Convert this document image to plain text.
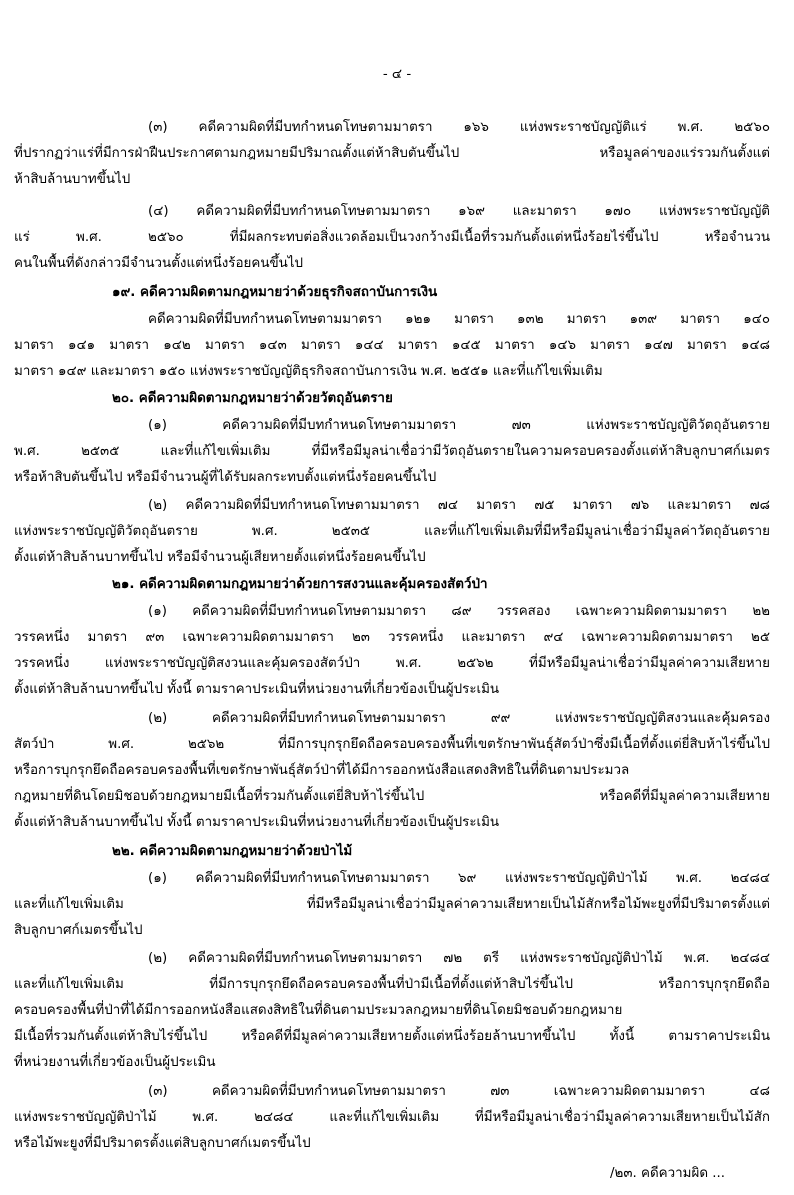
- ๔ -
(๓) คดีความผิดที่มีบทกำหนดโทษตามมาตรา ๑๖๖ แห่งพระราชบัญญัติแร่ พ.ศ. ๒๕๖๐
ที่ปรากฏว่าแร่ที่มีการฝ่าฝืนประกาศตามกฎหมายมีปริมาณตั้งแต่ห้าสิบตันขึ้นไป หรือมูลค่าของแร่รวมกันตั้งแต่
ห้าสิบล้านบาทขึ้นไป
(๔) คดีความผิดที่มีบทกำหนดโทษตามมาตรา ๑๖๙ และมาตรา ๑๗๐ แห่งพระราชบัญญัติ
แร่ พ.ศ. ๒๕๖๐ ที่มีผลกระทบต่อสิ่งแวดล้อมเป็นวงกว้างมีเนื้อที่รวมกันตั้งแต่หนึ่งร้อยไร่ขึ้นไป หรือจำนวน
คนในพื้นที่ดังกล่าวมีจำนวนตั้งแต่หนึ่งร้อยคนขึ้นไป
๑๙. คดีความผิดตามกฎหมายว่าด้วยธุรกิจสถาบันการเงิน
คดีความผิดที่มีบทกำหนดโทษตามมาตรา ๑๒๑ มาตรา ๑๓๒ มาตรา ๑๓๙ มาตรา ๑๔๐
มาตรา ๑๔๑ มาตรา ๑๔๒ มาตรา ๑๔๓ มาตรา ๑๔๔ มาตรา ๑๔๕ มาตรา ๑๔๖ มาตรา ๑๔๗ มาตรา ๑๔๘
มาตรา ๑๔๙ และมาตรา ๑๕๐ แห่งพระราชบัญญัติธุรกิจสถาบันการเงิน พ.ศ. ๒๕๕๑ และที่แก้ไขเพิ่มเติม
๒๐. คดีความผิดตามกฎหมายว่าด้วยวัตถุอันตราย
(๑) คดีความผิดที่มีบทกำหนดโทษตามมาตรา ๗๓ แห่งพระราชบัญญัติวัตถุอันตราย
พ.ศ. ๒๕๓๕ และที่แก้ไขเพิ่มเติม ที่มีหรือมีมูลน่าเชื่อว่ามีวัตถุอันตรายในความครอบครองตั้งแต่ห้าสิบลูกบาศก์เมตร
หรือห้าสิบตันขึ้นไป หรือมีจำนวนผู้ที่ได้รับผลกระทบตั้งแต่หนึ่งร้อยคนขึ้นไป
(๒) คดีความผิดที่มีบทกำหนดโทษตามมาตรา ๗๔ มาตรา ๗๕ มาตรา ๗๖ และมาตรา ๗๘
แห่งพระราชบัญญัติวัตถุอันตราย พ.ศ. ๒๕๓๕ และที่แก้ไขเพิ่มเติมที่มีหรือมีมูลน่าเชื่อว่ามีมูลค่าวัตถุอันตราย
ตั้งแต่ห้าสิบล้านบาทขึ้นไป หรือมีจำนวนผู้เสียหายตั้งแต่หนึ่งร้อยคนขึ้นไป
๒๑. คดีความผิดตามกฎหมายว่าด้วยการสงวนและคุ้มครองสัตว์ป่า
(๑) คดีความผิดที่มีบทกำหนดโทษตามมาตรา ๘๙ วรรคสอง เฉพาะความผิดตามมาตรา ๒๒
วรรคหนึ่ง มาตรา ๙๓ เฉพาะความผิดตามมาตรา ๒๓ วรรคหนึ่ง และมาตรา ๙๔ เฉพาะความผิดตามมาตรา ๒๕
วรรคหนึ่ง แห่งพระราชบัญญัติสงวนและคุ้มครองสัตว์ป่า พ.ศ. ๒๕๖๒ ที่มีหรือมีมูลน่าเชื่อว่ามีมูลค่าความเสียหาย
ตั้งแต่ห้าสิบล้านบาทขึ้นไป ทั้งนี้ ตามราคาประเมินที่หน่วยงานที่เกี่ยวข้องเป็นผู้ประเมิน
(๒) คดีความผิดที่มีบทกำหนดโทษตามมาตรา ๙๙ แห่งพระราชบัญญัติสงวนและคุ้มครอง
สัตว์ป่า พ.ศ. ๒๕๖๒ ที่มีการบุกรุกยึดถือครอบครองพื้นที่เขตรักษาพันธุ์สัตว์ป่าซึ่งมีเนื้อที่ตั้งแต่ยี่สิบห้าไร่ขึ้นไป
หรือการบุกรุกยึดถือครอบครองพื้นที่เขตรักษาพันธุ์สัตว์ป่าที่ได้มีการออกหนังสือแสดงสิทธิในที่ดินตามประมวล
กฎหมายที่ดินโดยมิชอบด้วยกฎหมายมีเนื้อที่รวมกันตั้งแต่ยี่สิบห้าไร่ขึ้นไป หรือคดีที่มีมูลค่าความเสียหาย
ตั้งแต่ห้าสิบล้านบาทขึ้นไป ทั้งนี้ ตามราคาประเมินที่หน่วยงานที่เกี่ยวข้องเป็นผู้ประเมิน
๒๒. คดีความผิดตามกฎหมายว่าด้วยป่าไม้
(๑) คดีความผิดที่มีบทกำหนดโทษตามมาตรา ๖๙ แห่งพระราชบัญญัติป่าไม้ พ.ศ. ๒๔๘๔
และที่แก้ไขเพิ่มเติม ที่มีหรือมีมูลน่าเชื่อว่ามีมูลค่าความเสียหายเป็นไม้สักหรือไม้พะยูงที่มีปริมาตรตั้งแต่
สิบลูกบาศก์เมตรขึ้นไป
(๒) คดีความผิดที่มีบทกำหนดโทษตามมาตรา ๗๒ ตรี แห่งพระราชบัญญัติป่าไม้ พ.ศ. ๒๔๘๔
และที่แก้ไขเพิ่มเติม ที่มีการบุกรุกยึดถือครอบครองพื้นที่ป่ามีเนื้อที่ตั้งแต่ห้าสิบไร่ขึ้นไป หรือการบุกรุกยึดถือ
ครอบครองพื้นที่ป่าที่ได้มีการออกหนังสือแสดงสิทธิในที่ดินตามประมวลกฎหมายที่ดินโดยมิชอบด้วยกฎหมาย
มีเนื้อที่รวมกันตั้งแต่ห้าสิบไร่ขึ้นไป หรือคดีที่มีมูลค่าความเสียหายตั้งแต่หนึ่งร้อยล้านบาทขึ้นไป ทั้งนี้ ตามราคาประเมิน
ที่หน่วยงานที่เกี่ยวข้องเป็นผู้ประเมิน
(๓) คดีความผิดที่มีบทกำหนดโทษตามมาตรา ๗๓ เฉพาะความผิดตามมาตรา ๔๘
แห่งพระราชบัญญัติป่าไม้ พ.ศ. ๒๔๘๔ และที่แก้ไขเพิ่มเติม ที่มีหรือมีมูลน่าเชื่อว่ามีมูลค่าความเสียหายเป็นไม้สัก
หรือไม้พะยูงที่มีปริมาตรตั้งแต่สิบลูกบาศก์เมตรขึ้นไป
/๒๓. คดีความผิด ...
